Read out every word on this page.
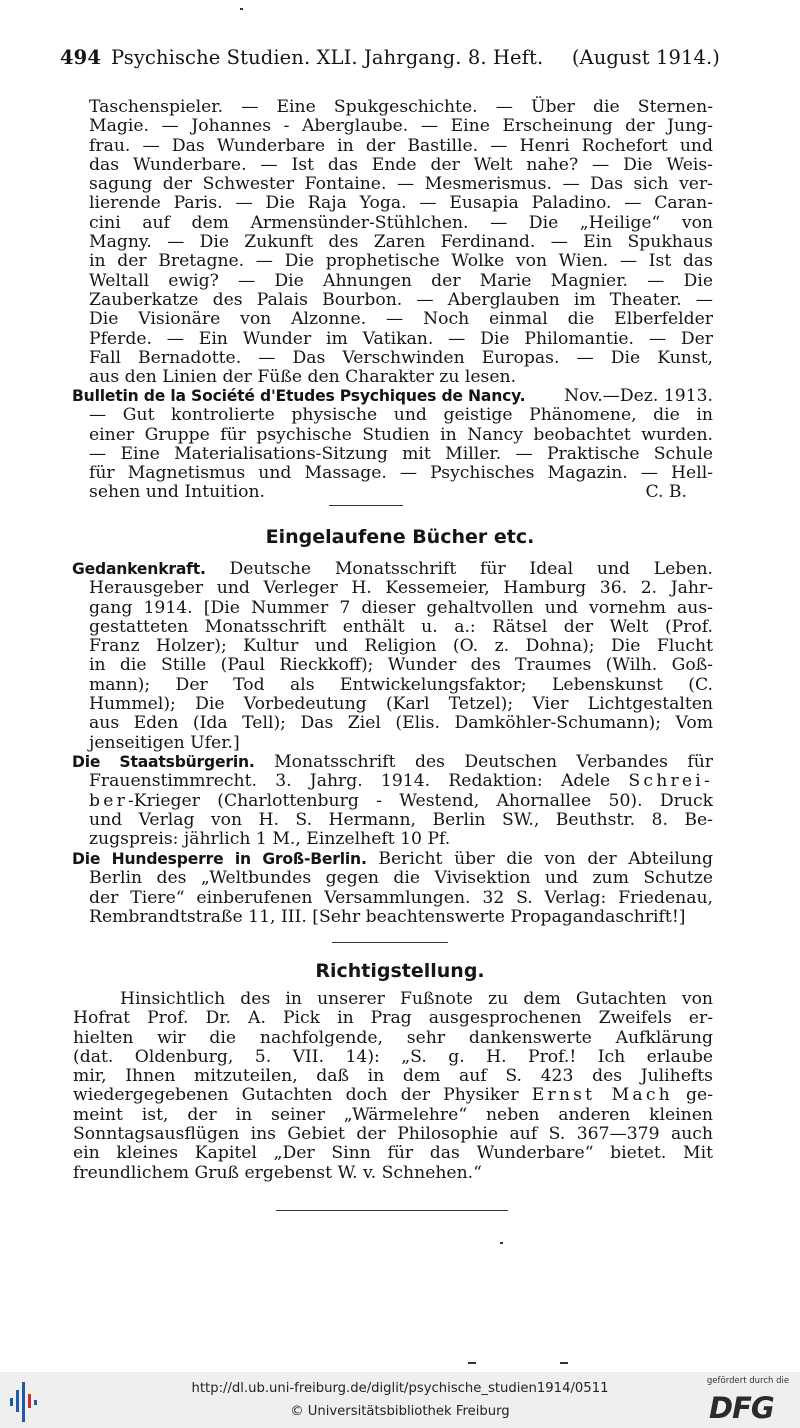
494 Psychische Studien. XLI. Jahrgang. 8. Heft. (August 1914.)
Taschenspieler. — Eine Spukgeschichte. — Über die Sternen-
Magie. — Johannes - Aberglaube. — Eine Erscheinung der Jung-
frau. — Das Wunderbare in der Bastille. — Henri Rochefort und
das Wunderbare. — Ist das Ende der Welt nahe? — Die Weis-
sagung der Schwester Fontaine. — Mesmerismus. — Das sich ver-
lierende Paris. — Die Raja Yoga. — Eusapia Paladino. — Caran-
cini auf dem Armensünder-Stühlchen. — Die „Heilige“ von
Magny. — Die Zukunft des Zaren Ferdinand. — Ein Spukhaus
in der Bretagne. — Die prophetische Wolke von Wien. — Ist das
Weltall ewig? — Die Ahnungen der Marie Magnier. — Die
Zauberkatze des Palais Bourbon. — Aberglauben im Theater. —
Die Visionäre von Alzonne. — Noch einmal die Elberfelder
Pferde. — Ein Wunder im Vatikan. — Die Philomantie. — Der
Fall Bernadotte. — Das Verschwinden Europas. — Die Kunst,
aus den Linien der Füße den Charakter zu lesen.
Bulletin de la Société d'Etudes Psychiques de Nancy. Nov.—Dez. 1913.
— Gut kontrolierte physische und geistige Phänomene, die in
einer Gruppe für psychische Studien in Nancy beobachtet wurden.
— Eine Materialisations-Sitzung mit Miller. — Praktische Schule
für Magnetismus und Massage. — Psychisches Magazin. — Hell-
sehen und Intuition.	C. B.
Eingelaufene Bücher etc.
Gedankenkraft. Deutsche Monatsschrift für Ideal und Leben.
Herausgeber und Verleger H. Kessemeier, Hamburg 36. 2. Jahr-
gang 1914. [Die Nummer 7 dieser gehaltvollen und vornehm aus-
gestatteten Monatsschrift enthält u. a.: Rätsel der Welt (Prof.
Franz Holzer); Kultur und Religion (O. z. Dohna); Die Flucht
in die Stille (Paul Rieckkoff); Wunder des Traumes (Wilh. Goß-
mann); Der Tod als Entwickelungsfaktor; Lebenskunst (C.
Hummel); Die Vorbedeutung (Karl Tetzel); Vier Lichtgestalten
aus Eden (Ida Tell); Das Ziel (Elis. Damköhler-Schumann); Vom
jenseitigen Ufer.]
Die Staatsbürgerin. Monatsschrift des Deutschen Verbandes für
Frauenstimmrecht. 3. Jahrg. 1914. Redaktion: Adele Schrei-
ber-Krieger (Charlottenburg - Westend, Ahornallee 50). Druck
und Verlag von H. S. Hermann, Berlin SW., Beuthstr. 8. Be-
zugspreis: jährlich 1 M., Einzelheft 10 Pf.
Die Hundesperre in Groß-Berlin. Bericht über die von der Abteilung
Berlin des „Weltbundes gegen die Vivisektion und zum Schutze
der Tiere“ einberufenen Versammlungen. 32 S. Verlag: Friedenau,
Rembrandtstraße 11, III. [Sehr beachtenswerte Propagandaschrift!]
Richtigstellung.
Hinsichtlich des in unserer Fußnote zu dem Gutachten von
Hofrat Prof. Dr. A. Pick in Prag ausgesprochenen Zweifels er-
hielten wir die nachfolgende, sehr dankenswerte Aufklärung
(dat. Oldenburg, 5. VII. 14): „S. g. H. Prof.! Ich erlaube
mir, Ihnen mitzuteilen, daß in dem auf S. 423 des Julihefts
wiedergegebenen Gutachten doch der Physiker Ernst Mach ge-
meint ist, der in seiner „Wärmelehre“ neben anderen kleinen
Sonntagsausflügen ins Gebiet der Philosophie auf S. 367—379 auch
ein kleines Kapitel „Der Sinn für das Wunderbare“ bietet. Mit
freundlichem Gruß ergebenst W. v. Schnehen.“
http://dl.ub.uni-freiburg.de/diglit/psychische_studien1914/0511
© Universitätsbibliothek Freiburg
gefördert durch die
DFG
